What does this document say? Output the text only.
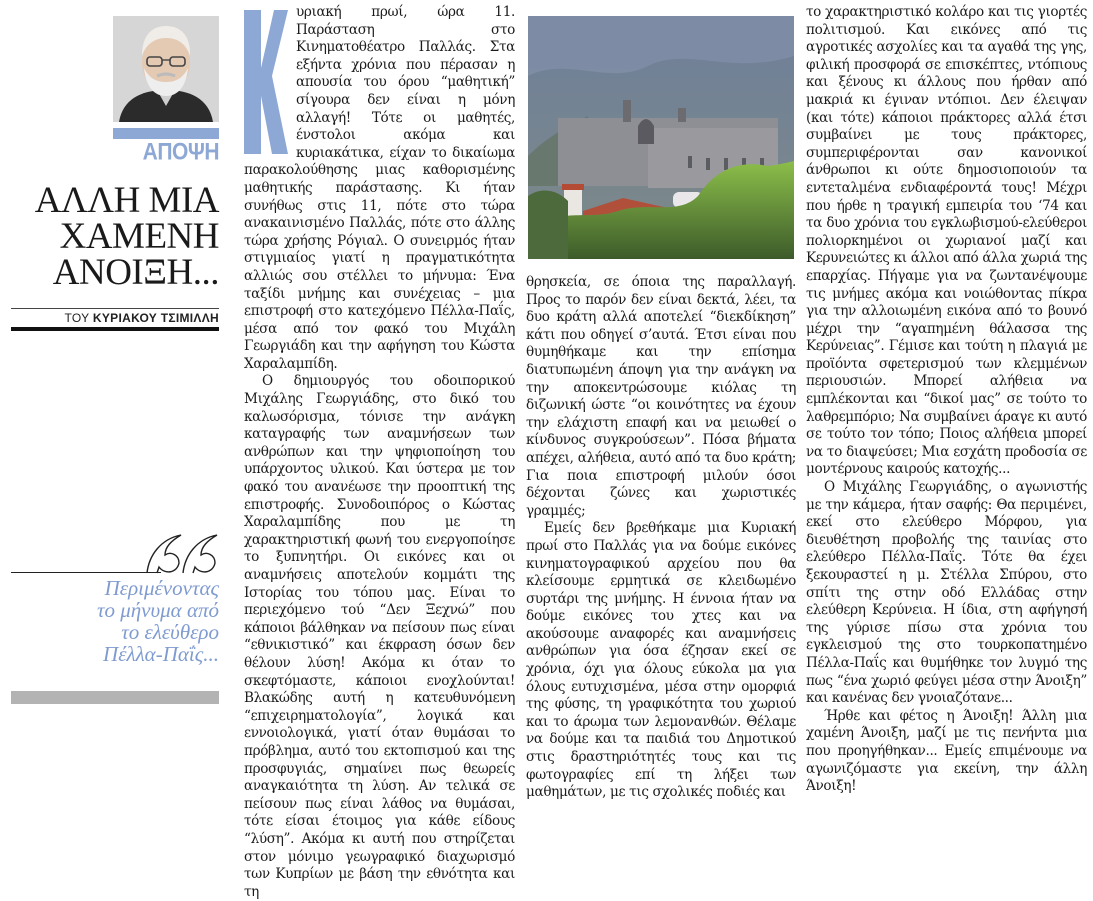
ΑΠΟΨΗ
ΑΛΛΗ ΜΙΑ
ΧΑΜΕΝΗ
ΑΝΟΙΞΗ...
ΤΟΥ ΚΥΡΙΑΚΟΥ ΤΣΙΜΙΛΛΗ
Περιμένοντας
το μήνυμα από
το ελεύθερο
Πέλλα-Παΐς...

υριακή πρωί, ώρα 11. Παράσταση στο Κινηματοθέατρο Παλλάς. Στα εξήντα χρόνια που πέρασαν η απουσία του όρου “μαθητική” σίγουρα δεν είναι η μόνη αλλαγή! Τότε οι μαθητές, ένστολοι ακόμα και κυριακάτικα, είχαν το δικαίωμα παρακολούθησης μιας καθορισμένης μαθητικής παράστασης. Κι ήταν συνήθως στις 11, πότε στο τώρα ανακαινισμένο Παλλάς, πότε στο άλλης τώρα χρήσης Ρόγιαλ. Ο συνειρμός ήταν στιγμιαίος γιατί η πραγματικότητα αλλιώς σου στέλλει το μήνυμα: Ένα ταξίδι μνήμης και συνέχειας – μια επιστροφή στο κατεχόμενο Πέλλα-Παΐς, μέσα από τον φακό του Μιχάλη Γεωργιάδη και την αφήγηση του Κώστα Χαραλαμπίδη.

Ο δημιουργός του οδοιπορικού Μιχάλης Γεωργιάδης, στο δικό του καλωσόρισμα, τόνισε την ανάγκη καταγραφής των αναμνήσεων των ανθρώπων και την ψηφιοποίηση του υπάρχοντος υλικού. Και ύστερα με τον φακό του ανανέωσε την προοπτική της επιστροφής. Συνοδοιπόρος ο Κώστας Χαραλαμπίδης που με τη χαρακτηριστική φωνή του ενεργοποίησε το ξυπνητήρι. Οι εικόνες και οι αναμνήσεις αποτελούν κομμάτι της Ιστορίας του τόπου μας. Είναι το περιεχόμενο τού “Δεν Ξεχνώ” που κάποιοι βάλθηκαν να πείσουν πως είναι “εθνικιστικό” και έκφραση όσων δεν θέλουν λύση! Ακόμα κι όταν το σκεφτόμαστε, κάποιοι ενοχλούνται! Βλακώδης αυτή η κατευθυνόμενη “επιχειρηματολογία”, λογικά και εννοιολογικά, γιατί όταν θυμάσαι το πρόβλημα, αυτό του εκτοπισμού και της προσφυγιάς, σημαίνει πως θεωρείς αναγκαιότητα τη λύση. Αν τελικά σε πείσουν πως είναι λάθος να θυμάσαι, τότε είσαι έτοιμος για κάθε είδους “λύση”. Ακόμα κι αυτή που στηρίζεται στον μόνιμο γεωγραφικό διαχωρισμό των Κυπρίων με βάση την εθνότητα και τη

θρησκεία, σε όποια της παραλλαγή. Προς το παρόν δεν είναι δεκτά, λέει, τα δυο κράτη αλλά αποτελεί “διεκδίκηση” κάτι που οδηγεί σ’αυτά. Έτσι είναι που θυμηθήκαμε και την επίσημα διατυπωμένη άποψη για την ανάγκη να την αποκεντρώσουμε κιόλας τη διζωνική ώστε “οι κοινότητες να έχουν την ελάχιστη επαφή και να μειωθεί ο κίνδυνος συγκρούσεων”. Πόσα βήματα απέχει, αλήθεια, αυτό από τα δυο κράτη; Για ποια επιστροφή μιλούν όσοι δέχονται ζώνες και χωριστικές γραμμές;

Εμείς δεν βρεθήκαμε μια Κυριακή πρωί στο Παλλάς για να δούμε εικόνες κινηματογραφικού αρχείου που θα κλείσουμε ερμητικά σε κλειδωμένο συρτάρι της μνήμης. Η έννοια ήταν να δούμε εικόνες του χτες και να ακούσουμε αναφορές και αναμνήσεις ανθρώπων για όσα έζησαν εκεί σε χρόνια, όχι για όλους εύκολα μα για όλους ευτυχισμένα, μέσα στην ομορφιά της φύσης, τη γραφικότητα του χωριού και το άρωμα των λεμονανθών. Θέλαμε να δούμε και τα παιδιά του Δημοτικού στις δραστηριότητές τους και τις φωτογραφίες επί τη λήξει των μαθημάτων, με τις σχολικές ποδιές και

το χαρακτηριστικό κολάρο και τις γιορτές πολιτισμού. Και εικόνες από τις αγροτικές ασχολίες και τα αγαθά της γης, φιλική προσφορά σε επισκέπτες, ντόπιους και ξένους κι άλλους που ήρθαν από μακριά κι έγιναν ντόπιοι. Δεν έλειψαν (και τότε) κάποιοι πράκτορες αλλά έτσι συμβαίνει με τους πράκτορες, συμπεριφέρονται σαν κανονικοί άνθρωποι κι ούτε δημοσιοποιούν τα εντεταλμένα ενδιαφέροντά τους! Μέχρι που ήρθε η τραγική εμπειρία του ‘74 και τα δυο χρόνια του εγκλωβισμού-ελεύθεροι πολιορκημένοι οι χωριανοί μαζί και Κερυνειώτες κι άλλοι από άλλα χωριά της επαρχίας. Πήγαμε για να ζωντανέψουμε τις μνήμες ακόμα και νοιώθοντας πίκρα για την αλλοιωμένη εικόνα από το βουνό μέχρι την “αγαπημένη θάλασσα της Κερύνειας”. Γέμισε και τούτη η πλαγιά με προϊόντα σφετερισμού των κλεμμένων περιουσιών. Μπορεί αλήθεια να εμπλέκονται και “δικοί μας” σε τούτο το λαθρεμπόριο; Να συμβαίνει άραγε κι αυτό σε τούτο τον τόπο; Ποιος αλήθεια μπορεί να το διαψεύσει; Μια εσχάτη προδοσία σε μοντέρνους καιρούς κατοχής...

Ο Μιχάλης Γεωργιάδης, ο αγωνιστής με την κάμερα, ήταν σαφής: Θα περιμένει, εκεί στο ελεύθερο Μόρφου, για διευθέτηση προβολής της ταινίας στο ελεύθερο Πέλλα-Παΐς. Τότε θα έχει ξεκουραστεί η μ. Στέλλα Σπύρου, στο σπίτι της στην οδό Ελλάδας στην ελεύθερη Κερύνεια. Η ίδια, στη αφήγησή της γύρισε πίσω στα χρόνια του εγκλεισμού της στο τουρκοπατημένο Πέλλα-Παΐς και θυμήθηκε τον λυγμό της πως “ένα χωριό φεύγει μέσα στην Άνοιξη” και κανένας δεν γνοιαζότανε...

Ήρθε και φέτος η Άνοιξη! Άλλη μια χαμένη Άνοιξη, μαζί με τις πενήντα μια που προηγήθηκαν... Εμείς επιμένουμε να αγωνιζόμαστε για εκείνη, την άλλη Άνοιξη!
